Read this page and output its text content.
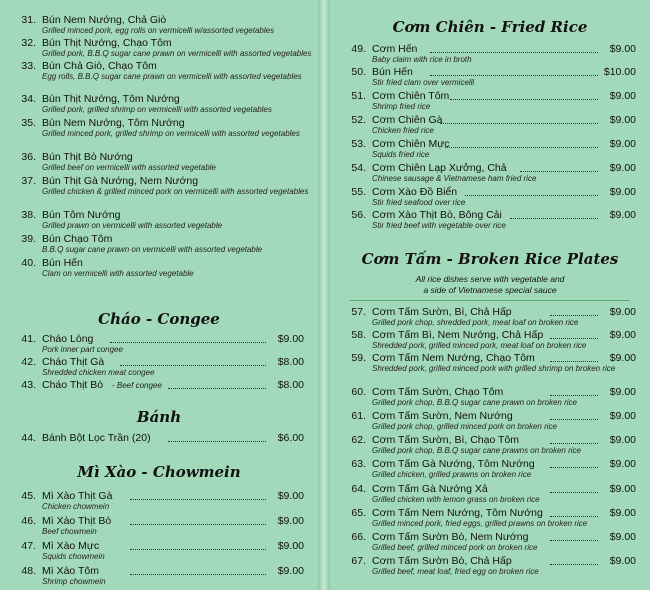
31. Bún Nem Nướng, Chả Giò
Grilled minced pork, egg rolls on vermicelli w/assorted vegetables
32. Bún Thịt Nướng, Chạo Tôm
Grilled pork, B.B.Q sugar cane prawn on vermicelli with assorted vegetables
33. Bún Chả Giò, Chạo Tôm
Egg rolls, B.B.Q sugar cane prawn on vermicelli with assorted vegetables
34. Bún Thịt Nướng, Tôm Nướng
Grilled pork, grilled shrimp on vermicelli with assorted vegetables
35. Bún Nem Nướng, Tôm Nướng
Grilled minced pork, grilled shrimp on vermicelli with assorted vegetables
36. Bún Thịt Bò Nướng
Grilled beef on vermicelli with assorted vegetable
37. Bún Thịt Gà Nướng, Nem Nướng
Grilled chicken & grilled minced pork on vermicelli with assorted vegetables
38. Bún Tôm Nướng
Grilled prawn on vermicelli with assorted vegetable
39. Bún Chạo Tôm
B.B.Q sugar cane prawn on vermicelli with assorted vegetable
40. Bún Hến
Clam on vermicelli with assorted vegetable
Cháo - Congee
41. Cháo Lòng
Pork inner part congee
$9.00
42. Cháo Thịt Gà
Shredded chicken meat congee
$8.00
43. Cháo Thịt Bò - Beef congee	$8.00
Bánh
44. Bánh Bột Lọc Trần (20)	$6.00
Mì Xào - Chowmein
45. Mì Xào Thịt Gà
Chicken chowmein
$9.00
46. Mì Xào Thịt Bò
Beef chowmein
$9.00
47. Mì Xào Mực
Squids chowmein
$9.00
48. Mì Xào Tôm
Shrimp chowmein
$9.00
Cơm Chiên - Fried Rice
49. Cơm Hến
Baby claim with rice in broth
$9.00
50. Bún Hến
Stir fried clam over vermicelli
$10.00
51. Cơm Chiên Tôm
Shrimp fried rice
$9.00
52. Cơm Chiên Gà
Chicken fried rice
$9.00
53. Cơm Chiên Mực
Squids fried rice
$9.00
54. Cơm Chiên Lạp Xưởng, Chả
Chinese sausage & Vietnamese ham fried rice
$9.00
55. Cơm Xào Đồ Biển
Stir fried seafood over rice
$9.00
56. Cơm Xào Thịt Bò, Bông Cải
Stir fried beef with vegetable over rice
$9.00
Cơm Tấm - Broken Rice Plates
All rice dishes serve with vegetable and
a side of Vietnamese special sauce
57. Cơm Tấm Sườn, Bì, Chả Hấp
Grilled pork chop, shredded pork, meat loaf on broken rice
$9.00
58. Cơm Tấm Bì, Nem Nướng, Chả Hấp
Shredded pork, grilled minced pork, meat loaf on broken rice
$9.00
59. Cơm Tấm Nem Nướng, Chạo Tôm
Shredded pork, grilled minced pork with grilled shrimp on broken rice
$9.00
60. Cơm Tấm Sườn, Chạo Tôm
Grilled pork chop, B.B.Q sugar cane prawn on broken rice
$9.00
61. Cơm Tấm Sườn, Nem Nướng
Grilled pork chop, grilled minced pork on broken rice
$9.00
62. Cơm Tấm Sườn, Bì, Chạo Tôm
Grilled pork chop, B.B.Q sugar cane prawns on broken rice
$9.00
63. Cơm Tấm Gà Nướng, Tôm Nướng
Grilled chicken, grilled prawns on broken rice
$9.00
64. Cơm Tấm Gà Nướng Xả
Grilled chicken with lemon grass on broken rice
$9.00
65. Cơm Tấm Nem Nướng, Tôm Nướng
Grilled minced pork, fried eggs, grilled prawns on broken rice
$9.00
66. Cơm Tấm Sườn Bò, Nem Nướng
Grilled beef, grilled minced pork on broken rice
$9.00
67. Cơm Tấm Sườn Bò, Chả Hấp
Grilled beef, meat loaf, fried egg on broken rice
$9.00
